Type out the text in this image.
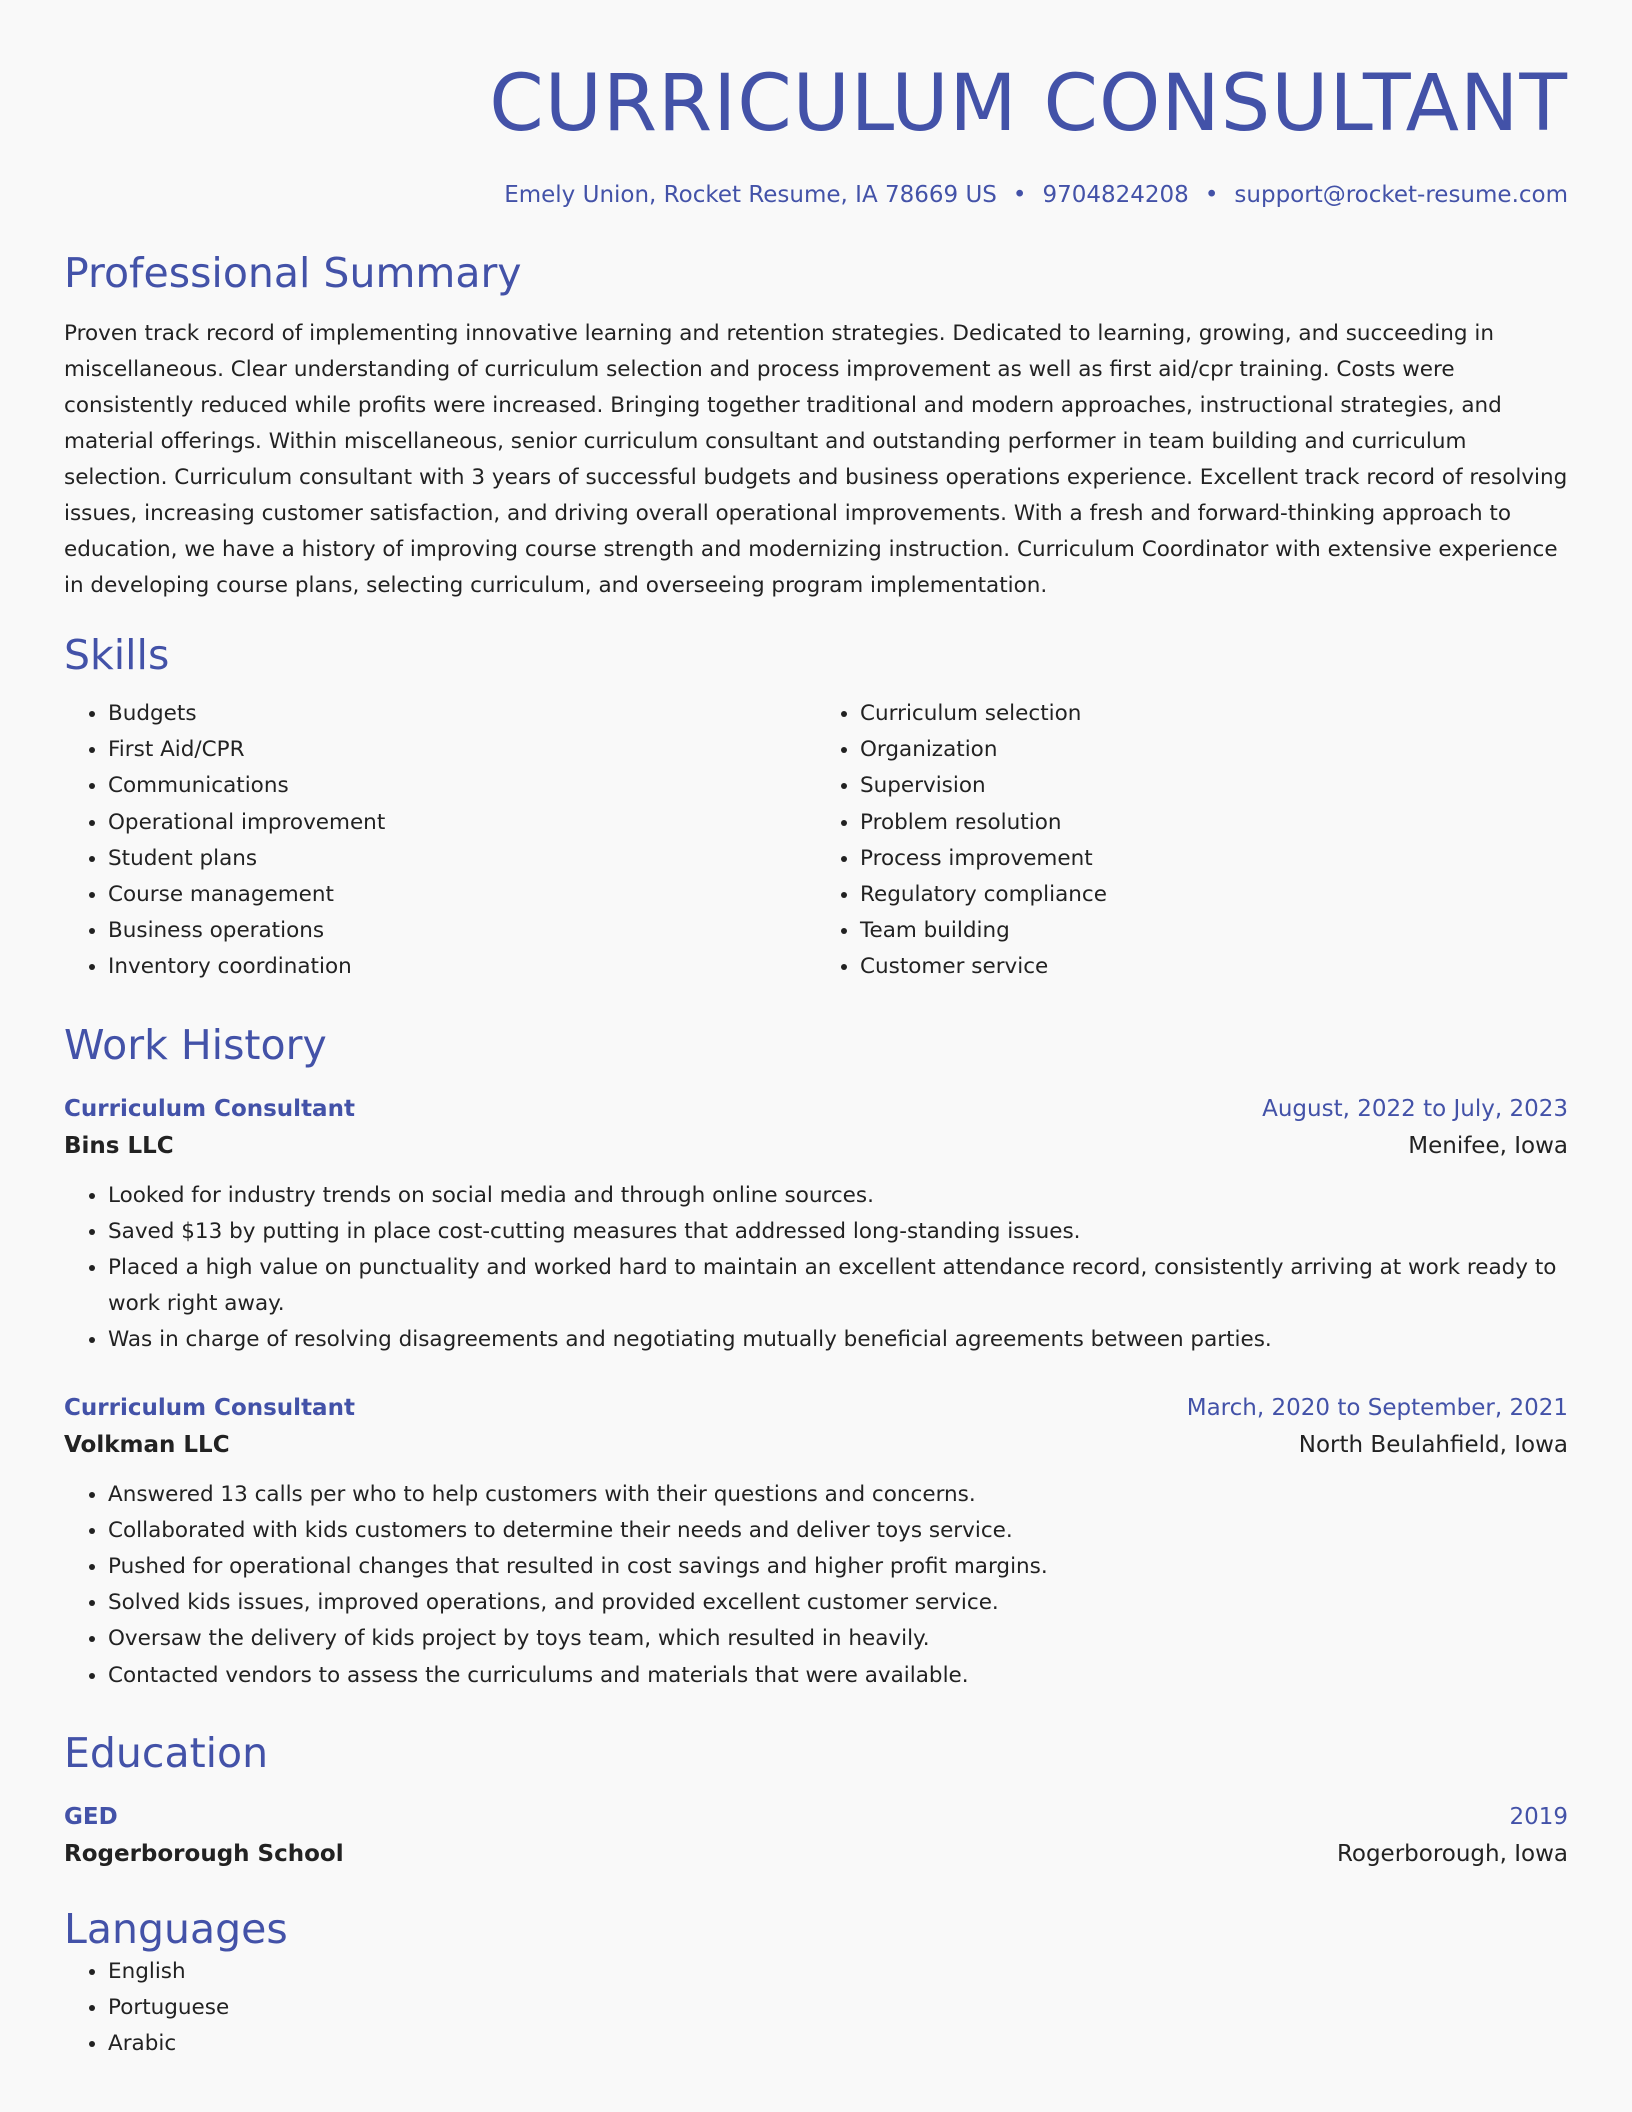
CURRICULUM CONSULTANT
Emely Union, Rocket Resume, IA 78669 US • 9704824208 • support@rocket-resume.com
Professional Summary

Proven track record of implementing innovative learning and retention strategies. Dedicated to learning, growing, and succeeding in miscellaneous. Clear understanding of curriculum selection and process improvement as well as first aid/cpr training. Costs were consistently reduced while profits were increased. Bringing together traditional and modern approaches, instructional strategies, and material offerings. Within miscellaneous, senior curriculum consultant and outstanding performer in team building and curriculum selection. Curriculum consultant with 3 years of successful budgets and business operations experience. Excellent track record of resolving issues, increasing customer satisfaction, and driving overall operational improvements. With a fresh and forward-thinking approach to education, we have a history of improving course strength and modernizing instruction. Curriculum Coordinator with extensive experience in developing course plans, selecting curriculum, and overseeing program implementation.

Skills
• Budgets
• First Aid/CPR
• Communications
• Operational improvement
• Student plans
• Course management
• Business operations
• Inventory coordination
• Curriculum selection
• Organization
• Supervision
• Problem resolution
• Process improvement
• Regulatory compliance
• Team building
• Customer service
Work History
Curriculum Consultant	August, 2022 to July, 2023
Bins LLC	Menifee, Iowa
• Looked for industry trends on social media and through online sources.
• Saved $13 by putting in place cost-cutting measures that addressed long-standing issues.
• Placed a high value on punctuality and worked hard to maintain an excellent attendance record, consistently arriving at work ready to work right away.
• Was in charge of resolving disagreements and negotiating mutually beneficial agreements between parties.
Curriculum Consultant	March, 2020 to September, 2021
Volkman LLC	North Beulahfield, Iowa
• Answered 13 calls per who to help customers with their questions and concerns.
• Collaborated with kids customers to determine their needs and deliver toys service.
• Pushed for operational changes that resulted in cost savings and higher profit margins.
• Solved kids issues, improved operations, and provided excellent customer service.
• Oversaw the delivery of kids project by toys team, which resulted in heavily.
• Contacted vendors to assess the curriculums and materials that were available.
Education
GED	2019
Rogerborough School	Rogerborough, Iowa
Languages
• English
• Portuguese
• Arabic
